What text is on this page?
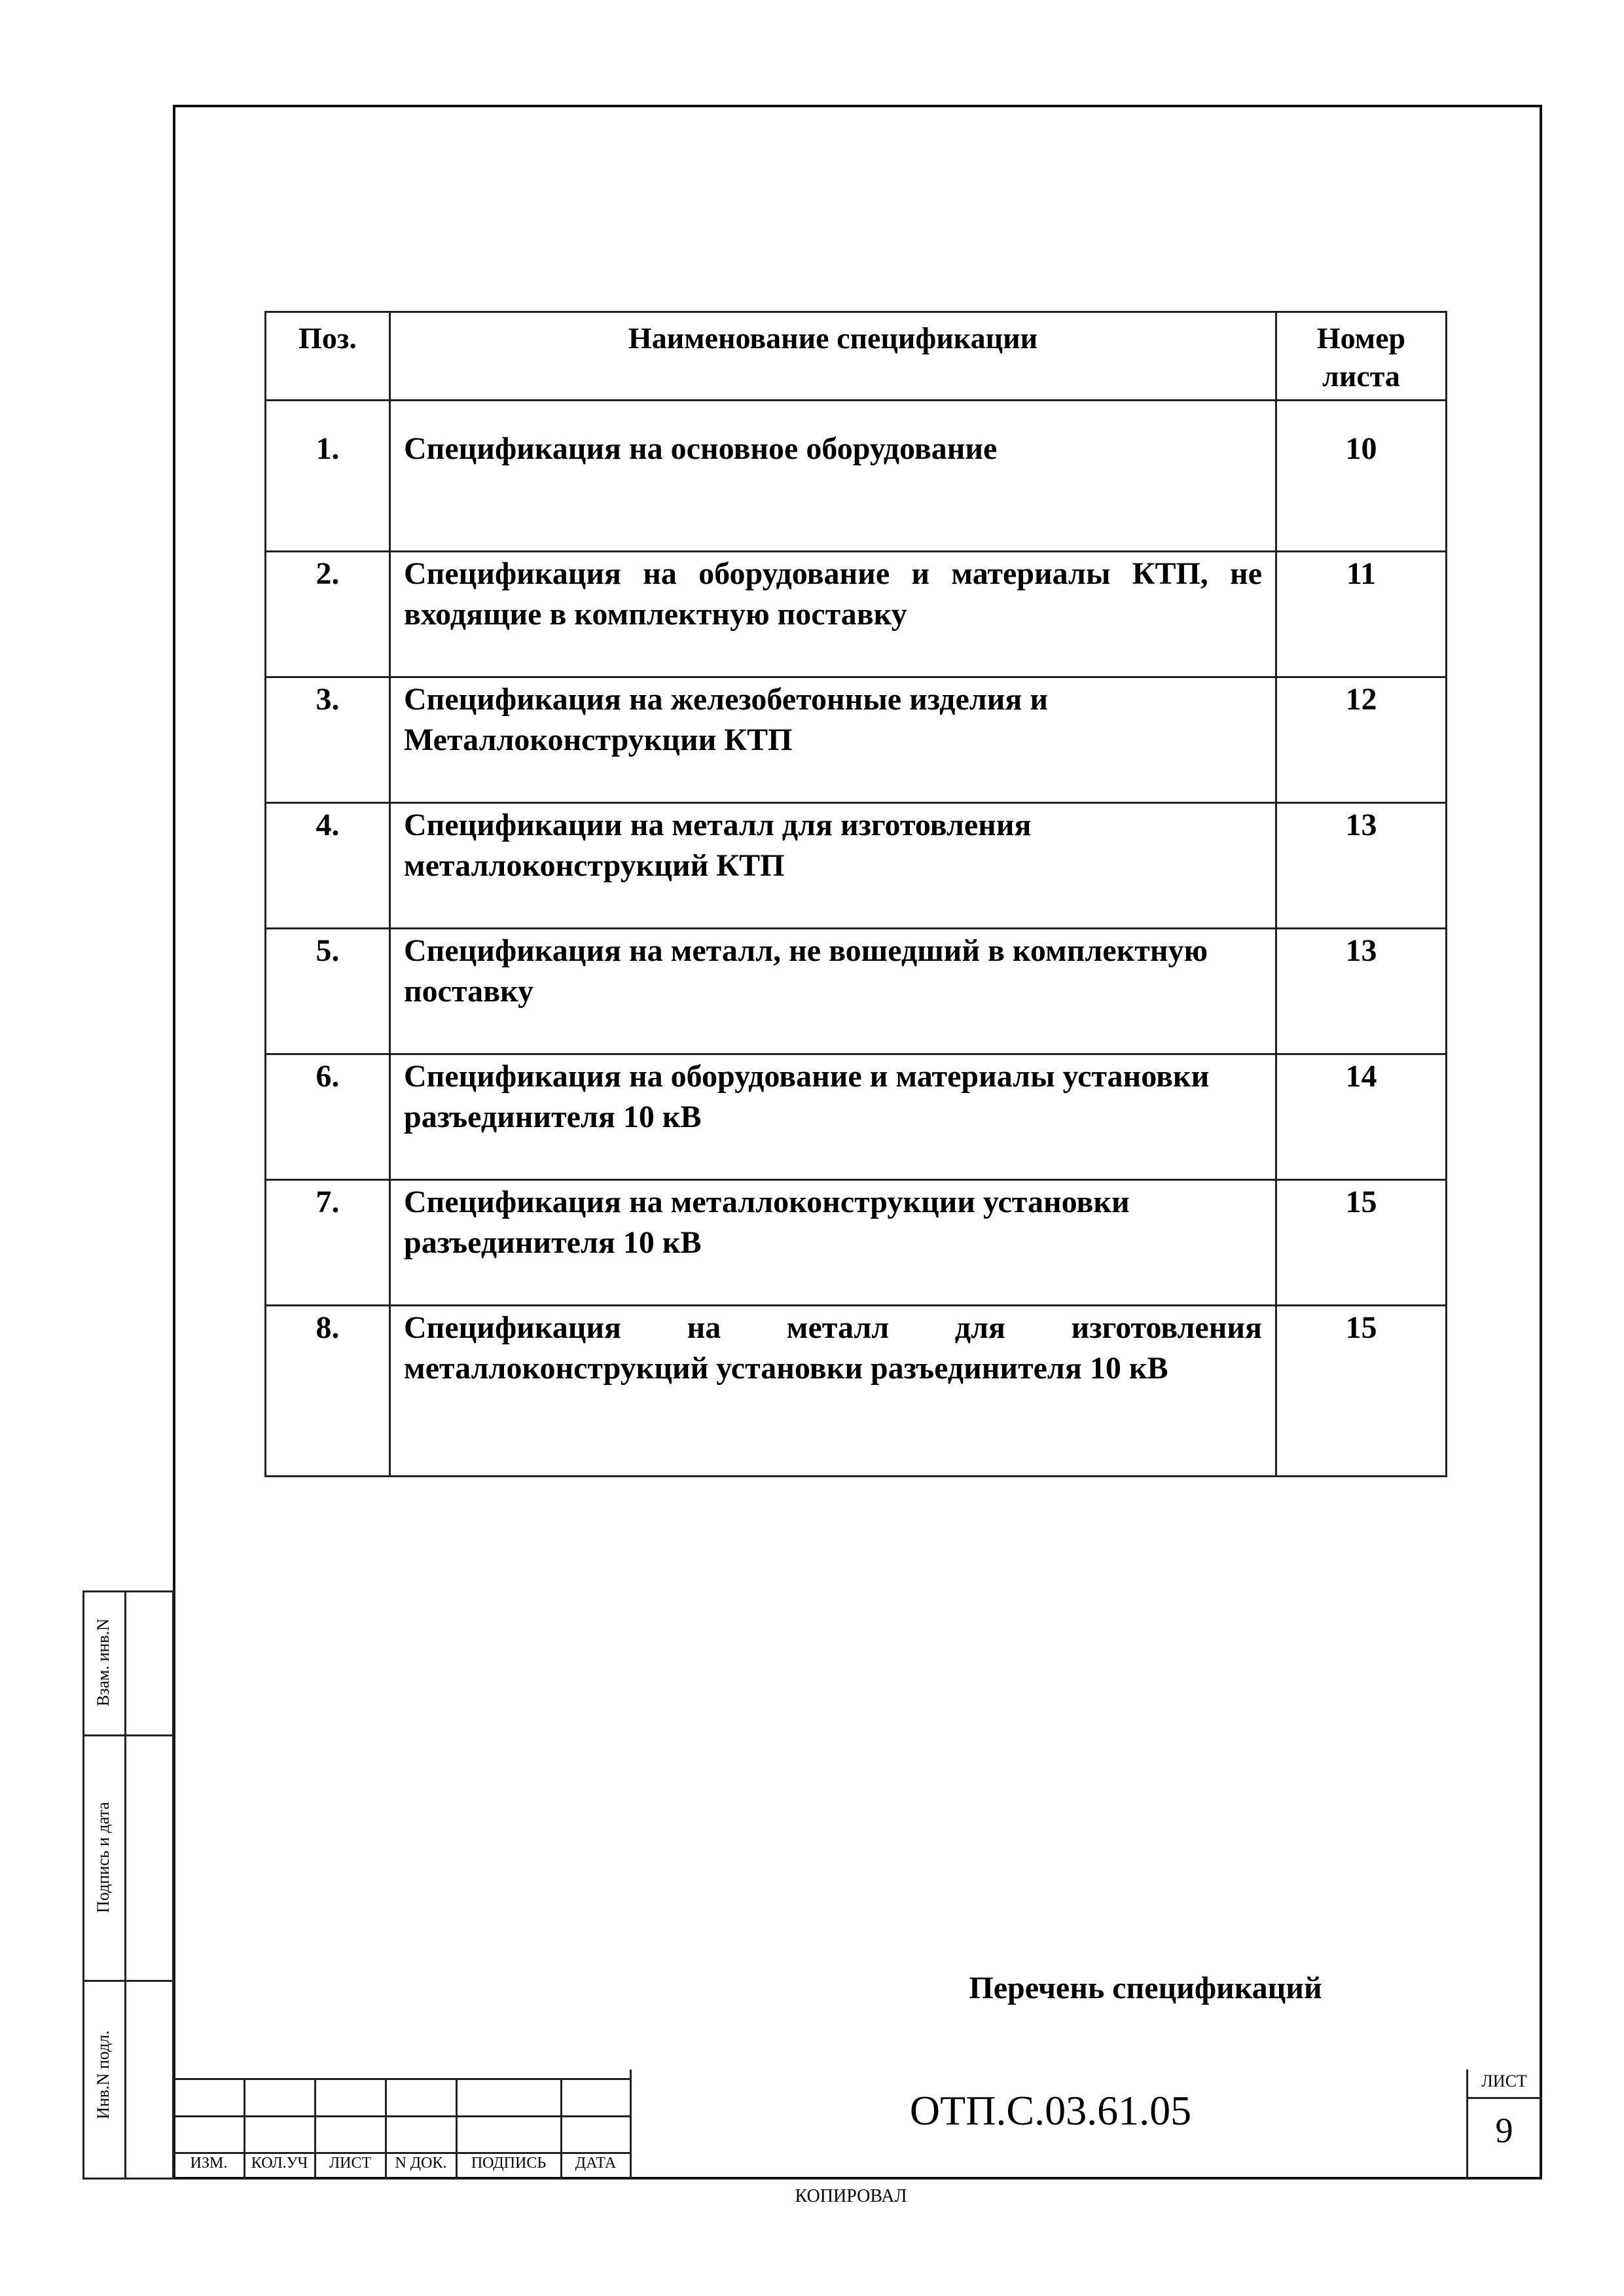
Поз.	Наименование спецификации	Номер листа
1.	Спецификация на основное оборудование	10
2.	Спецификация на оборудование и материалы КТП, не входящие в комплектную поставку	11
3.	Спецификация на железобетонные изделия и Металлоконструкции КТП	12
4.	Спецификации на металл для изготовления металлоконструкций КТП	13
5.	Спецификация на металл, не вошедший в комплектную поставку	13
6.	Спецификация на оборудование и материалы установки разъединителя 10 кВ	14
7.	Спецификация на металлоконструкции установки разъединителя 10 кВ	15
8.	Спецификация на металл для изготовления металлоконструкций установки разъединителя 10 кВ	15
Перечень спецификаций
Взам. инв.N
Подпись и дата
Инв.N подл.
ИЗМ.	КОЛ.УЧ	ЛИСТ	N ДОК.	ПОДПИСЬ	ДАТА
ОТП.С.03.61.05
ЛИСТ
9
КОПИРОВАЛ
